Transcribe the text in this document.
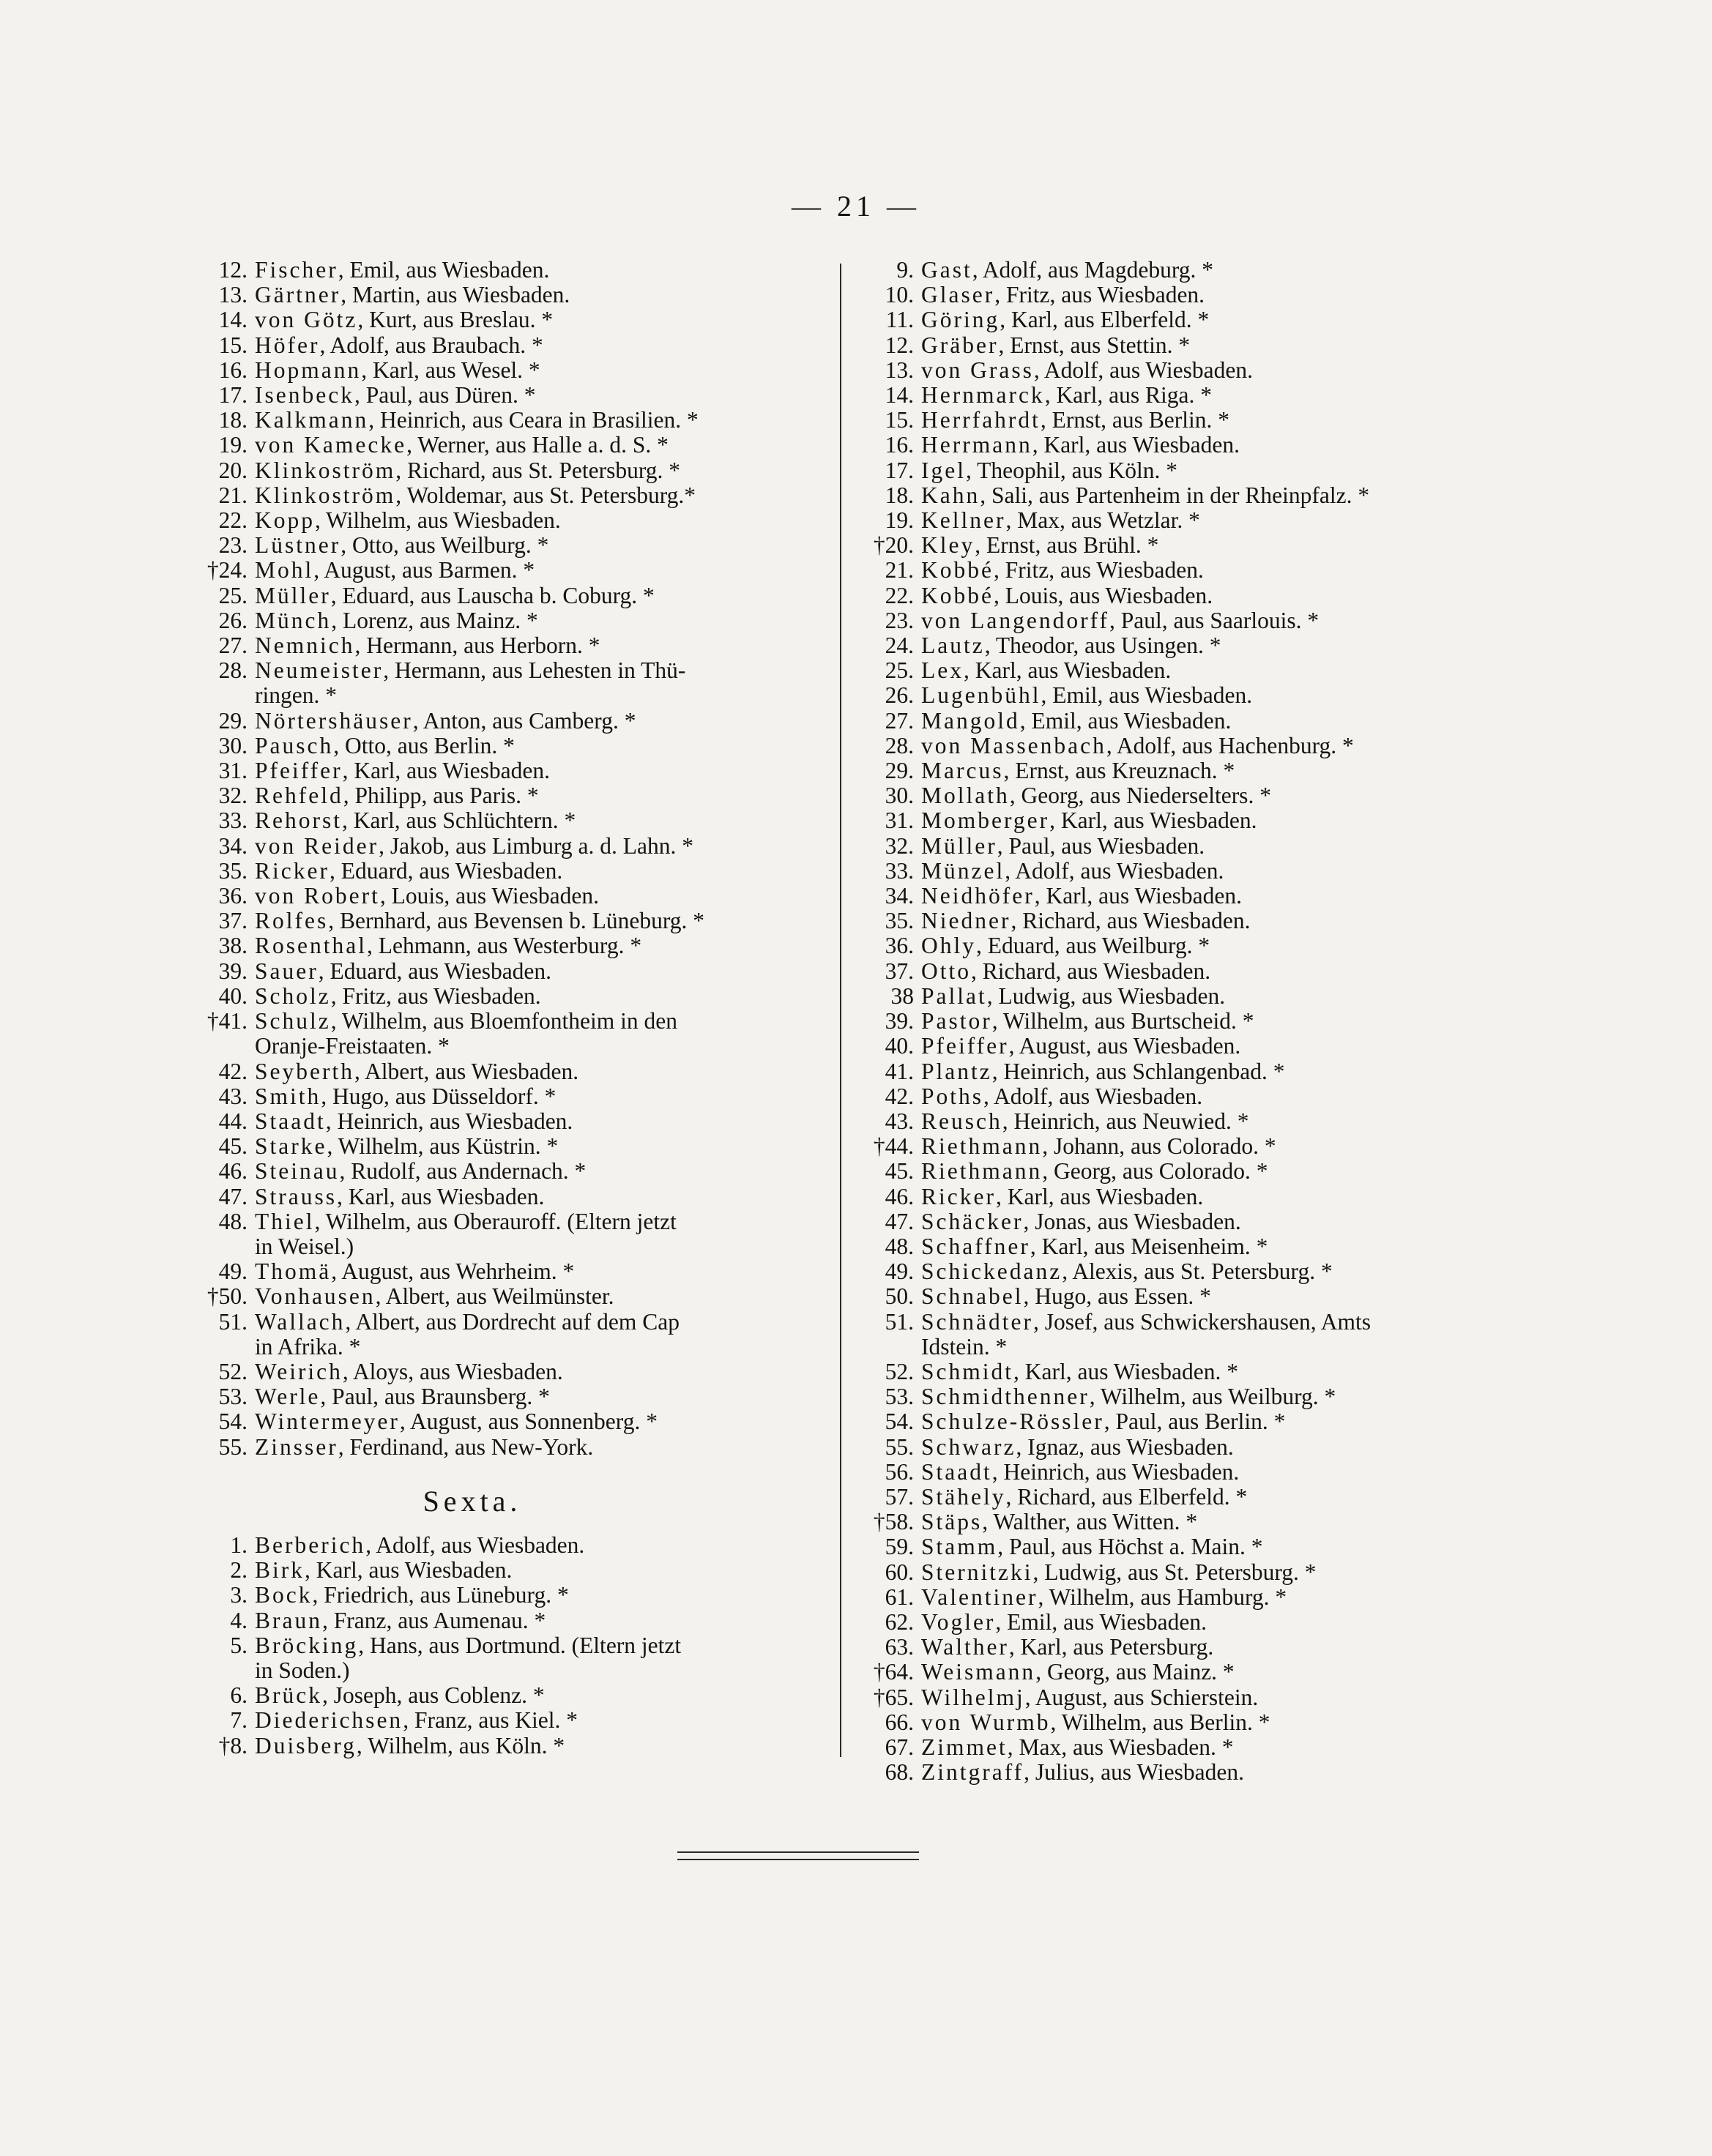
— 21 —
12. Fischer, Emil, aus Wiesbaden.
13. Gärtner, Martin, aus Wiesbaden.
14. von Götz, Kurt, aus Breslau. *
15. Höfer, Adolf, aus Braubach. *
16. Hopmann, Karl, aus Wesel. *
17. Isenbeck, Paul, aus Düren. *
18. Kalkmann, Heinrich, aus Ceara in Brasilien. *
19. von Kamecke, Werner, aus Halle a. d. S. *
20. Klinkoström, Richard, aus St. Petersburg. *
21. Klinkoström, Woldemar, aus St. Petersburg.*
22. Kopp, Wilhelm, aus Wiesbaden.
23. Lüstner, Otto, aus Weilburg. *
†24. Mohl, August, aus Barmen. *
25. Müller, Eduard, aus Lauscha b. Coburg. *
26. Münch, Lorenz, aus Mainz. *
27. Nemnich, Hermann, aus Herborn. *
28. Neumeister, Hermann, aus Lehesten in Thü-
ringen. *
29. Nörtershäuser, Anton, aus Camberg. *
30. Pausch, Otto, aus Berlin. *
31. Pfeiffer, Karl, aus Wiesbaden.
32. Rehfeld, Philipp, aus Paris. *
33. Rehorst, Karl, aus Schlüchtern. *
34. von Reider, Jakob, aus Limburg a. d. Lahn. *
35. Ricker, Eduard, aus Wiesbaden.
36. von Robert, Louis, aus Wiesbaden.
37. Rolfes, Bernhard, aus Bevensen b. Lüneburg. *
38. Rosenthal, Lehmann, aus Westerburg. *
39. Sauer, Eduard, aus Wiesbaden.
40. Scholz, Fritz, aus Wiesbaden.
†41. Schulz, Wilhelm, aus Bloemfontheim in den
Oranje-Freistaaten. *
42. Seyberth, Albert, aus Wiesbaden.
43. Smith, Hugo, aus Düsseldorf. *
44. Staadt, Heinrich, aus Wiesbaden.
45. Starke, Wilhelm, aus Küstrin. *
46. Steinau, Rudolf, aus Andernach. *
47. Strauss, Karl, aus Wiesbaden.
48. Thiel, Wilhelm, aus Oberauroff. (Eltern jetzt
in Weisel.)
49. Thomä, August, aus Wehrheim. *
†50. Vonhausen, Albert, aus Weilmünster.
51. Wallach, Albert, aus Dordrecht auf dem Cap
in Afrika. *
52. Weirich, Aloys, aus Wiesbaden.
53. Werle, Paul, aus Braunsberg. *
54. Wintermeyer, August, aus Sonnenberg. *
55. Zinsser, Ferdinand, aus New-York.
Sexta.
1. Berberich, Adolf, aus Wiesbaden.
2. Birk, Karl, aus Wiesbaden.
3. Bock, Friedrich, aus Lüneburg. *
4. Braun, Franz, aus Aumenau. *
5. Bröcking, Hans, aus Dortmund. (Eltern jetzt
in Soden.)
6. Brück, Joseph, aus Coblenz. *
7. Diederichsen, Franz, aus Kiel. *
†8. Duisberg, Wilhelm, aus Köln. *
9. Gast, Adolf, aus Magdeburg. *
10. Glaser, Fritz, aus Wiesbaden.
11. Göring, Karl, aus Elberfeld. *
12. Gräber, Ernst, aus Stettin. *
13. von Grass, Adolf, aus Wiesbaden.
14. Hernmarck, Karl, aus Riga. *
15. Herrfahrdt, Ernst, aus Berlin. *
16. Herrmann, Karl, aus Wiesbaden.
17. Igel, Theophil, aus Köln. *
18. Kahn, Sali, aus Partenheim in der Rheinpfalz. *
19. Kellner, Max, aus Wetzlar. *
†20. Kley, Ernst, aus Brühl. *
21. Kobbé, Fritz, aus Wiesbaden.
22. Kobbé, Louis, aus Wiesbaden.
23. von Langendorff, Paul, aus Saarlouis. *
24. Lautz, Theodor, aus Usingen. *
25. Lex, Karl, aus Wiesbaden.
26. Lugenbühl, Emil, aus Wiesbaden.
27. Mangold, Emil, aus Wiesbaden.
28. von Massenbach, Adolf, aus Hachenburg. *
29. Marcus, Ernst, aus Kreuznach. *
30. Mollath, Georg, aus Niederselters. *
31. Momberger, Karl, aus Wiesbaden.
32. Müller, Paul, aus Wiesbaden.
33. Münzel, Adolf, aus Wiesbaden.
34. Neidhöfer, Karl, aus Wiesbaden.
35. Niedner, Richard, aus Wiesbaden.
36. Ohly, Eduard, aus Weilburg. *
37. Otto, Richard, aus Wiesbaden.
38 Pallat, Ludwig, aus Wiesbaden.
39. Pastor, Wilhelm, aus Burtscheid. *
40. Pfeiffer, August, aus Wiesbaden.
41. Plantz, Heinrich, aus Schlangenbad. *
42. Poths, Adolf, aus Wiesbaden.
43. Reusch, Heinrich, aus Neuwied. *
†44. Riethmann, Johann, aus Colorado. *
45. Riethmann, Georg, aus Colorado. *
46. Ricker, Karl, aus Wiesbaden.
47. Schäcker, Jonas, aus Wiesbaden.
48. Schaffner, Karl, aus Meisenheim. *
49. Schickedanz, Alexis, aus St. Petersburg. *
50. Schnabel, Hugo, aus Essen. *
51. Schnädter, Josef, aus Schwickershausen, Amts
Idstein. *
52. Schmidt, Karl, aus Wiesbaden. *
53. Schmidthenner, Wilhelm, aus Weilburg. *
54. Schulze-Rössler, Paul, aus Berlin. *
55. Schwarz, Ignaz, aus Wiesbaden.
56. Staadt, Heinrich, aus Wiesbaden.
57. Stähely, Richard, aus Elberfeld. *
†58. Stäps, Walther, aus Witten. *
59. Stamm, Paul, aus Höchst a. Main. *
60. Sternitzki, Ludwig, aus St. Petersburg. *
61. Valentiner, Wilhelm, aus Hamburg. *
62. Vogler, Emil, aus Wiesbaden.
63. Walther, Karl, aus Petersburg.
†64. Weismann, Georg, aus Mainz. *
†65. Wilhelmj, August, aus Schierstein.
66. von Wurmb, Wilhelm, aus Berlin. *
67. Zimmet, Max, aus Wiesbaden. *
68. Zintgraff, Julius, aus Wiesbaden.
